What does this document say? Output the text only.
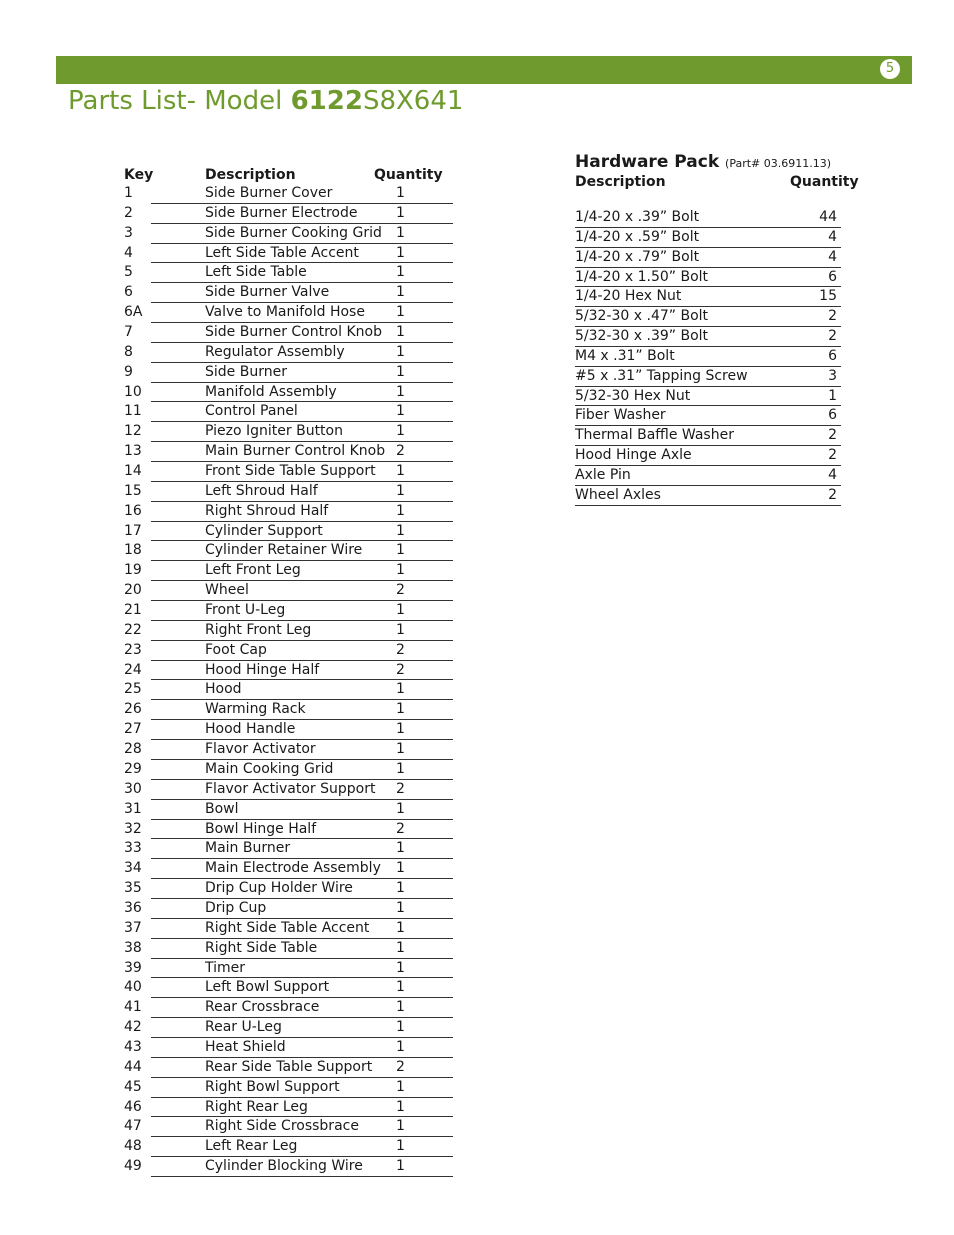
5
Parts List- Model 6122S8X641
Key	Description	Quantity
1	Side Burner Cover	1
2	Side Burner Electrode	1
3	Side Burner Cooking Grid 1
4	Left Side Table Accent	1
5	Left Side Table	1
6	Side Burner Valve	1
6A	Valve to Manifold Hose 1
7	Side Burner Control Knob 1
8	Regulator Assembly	1
9	Side Burner	1
10	Manifold Assembly	1
11	Control Panel	1
12	Piezo Igniter Button	1
13	Main Burner Control Knob 2
14	Front Side Table Support 1
15	Left Shroud Half	1
16	Right Shroud Half	1
17	Cylinder Support	1
18	Cylinder Retainer Wire 1
19	Left Front Leg	1
20	Wheel	2
21	Front U-Leg	1
22	Right Front Leg	1
23	Foot Cap	2
24	Hood Hinge Half	2
25	Hood	1
26	Warming Rack	1
27	Hood Handle	1
28	Flavor Activator	1
29	Main Cooking Grid	1
30	Flavor Activator Support 2
31	Bowl	1
32	Bowl Hinge Half	2
33	Main Burner	1
34	Main Electrode Assembly 1
35	Drip Cup Holder Wire	1
36	Drip Cup	1
37	Right Side Table Accent 1
38	Right Side Table	1
39	Timer	1
40	Left Bowl Support	1
41	Rear Crossbrace	1
42	Rear U-Leg	1
43	Heat Shield	1
44	Rear Side Table Support 2
45	Right Bowl Support	1
46	Right Rear Leg	1
47	Right Side Crossbrace	1
48	Left Rear Leg	1
49	Cylinder Blocking Wire 1
Hardware Pack (Part# 03.6911.13)
Description	Quantity
1/4-20 x .39” Bolt	44
1/4-20 x .59” Bolt	4
1/4-20 x .79” Bolt	4
1/4-20 x 1.50” Bolt	6
1/4-20 Hex Nut	15
5/32-30 x .47” Bolt	2
5/32-30 x .39” Bolt	2
M4 x .31” Bolt	6
#5 x .31” Tapping Screw	3
5/32-30 Hex Nut	1
Fiber Washer	6
Thermal Baffle Washer	2
Hood Hinge Axle	2
Axle Pin	4
Wheel Axles	2
